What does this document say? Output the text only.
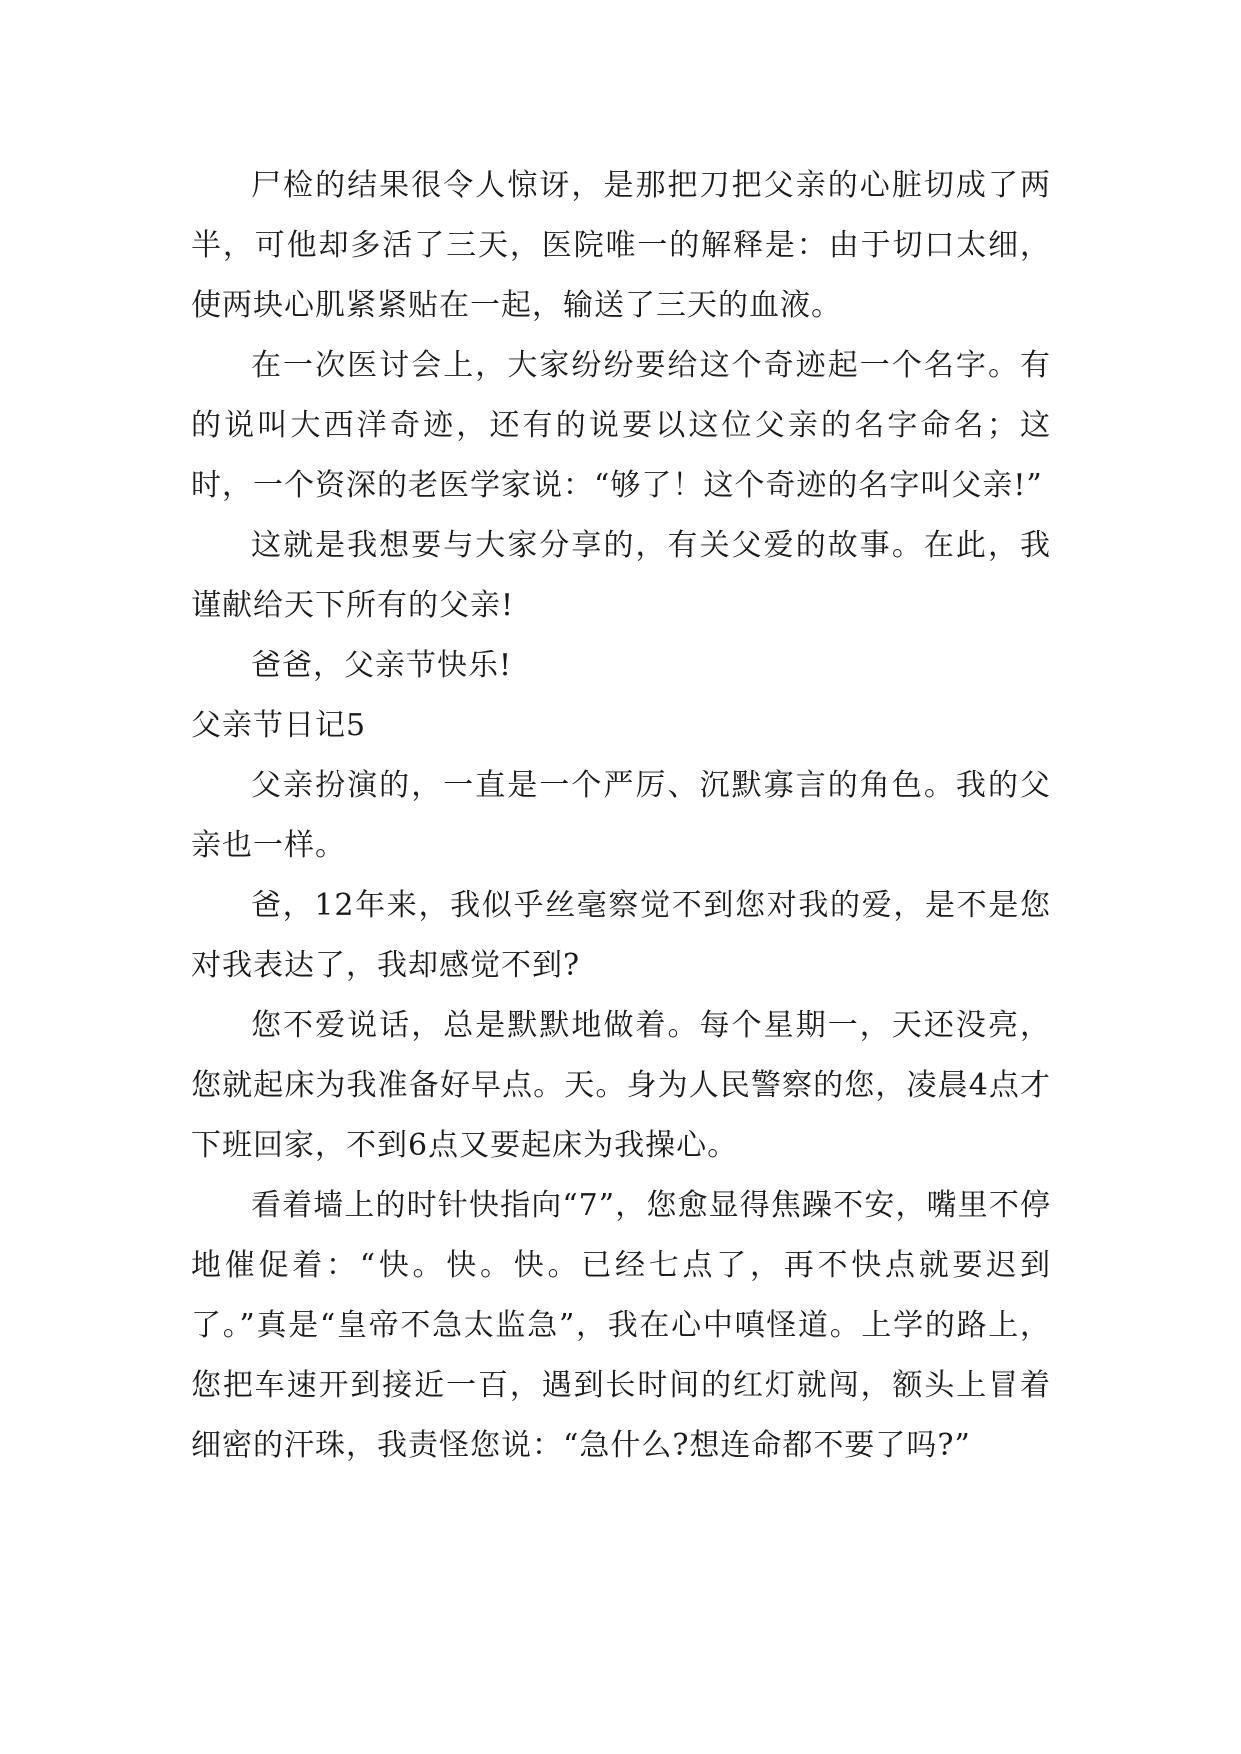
尸检的结果很令人惊讶，是那把刀把父亲的心脏切成了两半，可他却多活了三天，医院唯一的解释是：由于切口太细，使两块心肌紧紧贴在一起，输送了三天的血液。

在一次医讨会上，大家纷纷要给这个奇迹起一个名字。有的说叫大西洋奇迹，还有的说要以这位父亲的名字命名；这时，一个资深的老医学家说：“够了！这个奇迹的名字叫父亲!”

这就是我想要与大家分享的，有关父爱的故事。在此，我谨献给天下所有的父亲!

爸爸，父亲节快乐!

父亲节日记5

父亲扮演的，一直是一个严厉、沉默寡言的角色。我的父亲也一样。

爸，12年来，我似乎丝毫察觉不到您对我的爱，是不是您对我表达了，我却感觉不到?

您不爱说话，总是默默地做着。每个星期一，天还没亮，您就起床为我准备好早点。天。身为人民警察的您，凌晨4点才下班回家，不到6点又要起床为我操心。

看着墙上的时针快指向“7”，您愈显得焦躁不安，嘴里不停地催促着：“快。快。快。已经七点了，再不快点就要迟到了。”真是“皇帝不急太监急”，我在心中嗔怪道。上学的路上，您把车速开到接近一百，遇到长时间的红灯就闯，额头上冒着细密的汗珠，我责怪您说：“急什么?想连命都不要了吗?”
